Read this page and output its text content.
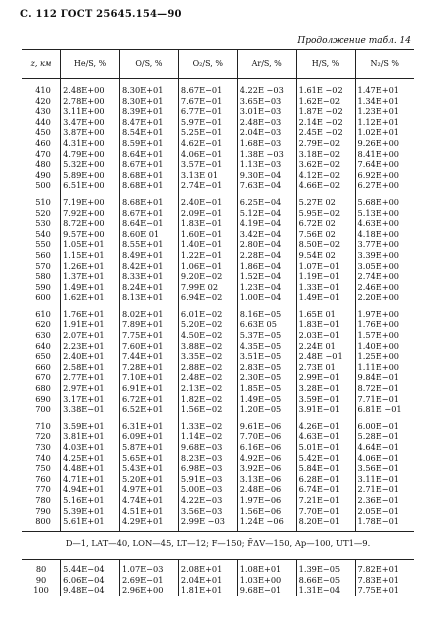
С. 112 ГОСТ 25645.154—90
Продолжение табл. 14
z, км	He/S, %	O/S, %	O₂/S, %	Ar/S, %	H/S, %	N₂/S %
410	2.48E+00	8.30E+01	8.67E−01	4.22E −03	1.61E −02	1.47E+01
420	2.78E+00	8.30E+01	7.67E−01	3.65E−03	1.62E−02	1.34E+01
430	3.11E+00	8.39E+01	6.77E−01	3.01E−03	1.87E −02	1.23E+01
440	3.47E+00	8.47E+01	5.97E−01	2.48E−03	2.14E −02	1.12E+01
450	3.87E+00	8.54E+01	5.25E−01	2.04E−03	2.45E −02	1.02E+01
460	4.31E+00	8.59E+01	4.62E−01	1.68E−03	2.79E−02	9.26E+00
470	4.79E+00	8.64E+01	4.06E−01	1.38E −03	3.18E−02	8.41E+00
480	5.32E+00	8.67E+01	3.57E−01	1.13E−03	3.62E−02	7.64E+00
490	5.89E+00	8.68E+01	3.13E 01	9.30E−04	4.12E−02	6.92E+00
500	6.51E+00	8.68E+01	2.74E−01	7.63E−04	4.66E−02	6.27E+00
510	7.19E+00	8.68E+01	2.40E−01	6.25E−04	5.27E 02	5.68E+00
520	7.92E+00	8.67E+01	2.09E−01	5.12E−04	5.95E−02	5.13E+00
530	8.72E+00	8.64E−01	1.83E−01	4.19E−04	6.72E 02	4.63E+00
540	9.57E+00	8.60E 01	1.60E−01	3.42E−04	7.56E 02	4.18E+00
550	1.05E+01	8.55E+01	1.40E−01	2.80E−04	8.50E−02	3.77E+00
560	1.15E+01	8.49E+01	1.22E−01	2.28E−04	9.54E 02	3.39E+00
570	1.26E+01	8.42E+01	1.06E−01	1.86E−04	1.07E−01	3.05E+00
580	1.37E+01	8.33E+01	9.20E−02	1.52E−04	1.19E−01	2.74E+00
590	1.49E+01	8.24E+01	7.99E 02	1.23E−04	1.33E−01	2.46E+00
600	1.62E+01	8.13E+01	6.94E−02	1.00E−04	1.49E−01	2.20E+00
610	1.76E+01	8.02E+01	6.01E−02	8.16E−05	1.65E 01	1.97E+00
620	1.91E+01	7.89E+01	5.20E−02	6.63E 05	1.83E−01	1.76E+00
630	2.07E+01	7.75E+01	4.50E−02	5.37E−05	2.03E−01	1.57E+00
640	2.23E+01	7.60E+01	3.88E−02	4.35E−05	2.24E 01	1.40E+00
650	2.40E+01	7.44E+01	3.35E−02	3.51E−05	2.48E −01	1.25E+00
660	2.58E+01	7.28E+01	2.88E−02	2.83E−05	2.73E 01	1.11E+00
670	2.77E+01	7.10E+01	2.48E−02	2.30E−05	2.99E−01	9.84E−01
680	2.97E+01	6.91E+01	2.13E−02	1.85E−05	3.28E−01	8.72E−01
690	3.17E+01	6.72E+01	1.82E−02	1.49E−05	3.59E−01	7.71E−01
700	3.38E−01	6.52E+01	1.56E−02	1.20E−05	3.91E−01	6.81E −01
710	3.59E+01	6.31E+01	1.33E−02	9.61E−06	4.26E−01	6.00E−01
720	3.81E+01	6.09E+01	1.14E−02	7.70E−06	4.63E−01	5.28E−01
730	4.03E+01	5.87E+01	9.68E−03	6.16E−06	5.01E−01	4.64E−01
740	4.25E+01	5.65E+01	8.23E−03	4.92E−06	5.42E−01	4.06E−01
750	4.48E+01	5.43E+01	6.98E−03	3.92E−06	5.84E−01	3.56E−01
760	4.71E+01	5.20E+01	5.91E−03	3.13E−06	6.28E−01	3.11E−01
770	4.94E+01	4.97E+01	5.00E−03	2.48E−06	6.74E−01	2.71E−01
780	5.16E+01	4.74E+01	4.22E−03	1.97E−06	7.21E−01	2.36E−01
790	5.39E+01	4.51E+01	3.56E−03	1.56E−06	7.70E−01	2.05E−01
800	5.61E+01	4.29E+01	2.99E −03	1.24E −06	8.20E−01	1.78E−01
D—1, LAT—40, LON—45, LT—12; F—150; F̄ΔV—150, Ap—100, UT1—9.
80	5.44E−04	1.07E−03	2.08E+01	1.08E+01	1.39E−05	7.82E+01
90	6.06E−04	2.69E−01	2.04E+01	1.03E+00	8.66E−05	7.83E+01
100	9.48E−04	2.96E+00	1.81E+01	9.68E−01	1.31E−04	7.75E+01
